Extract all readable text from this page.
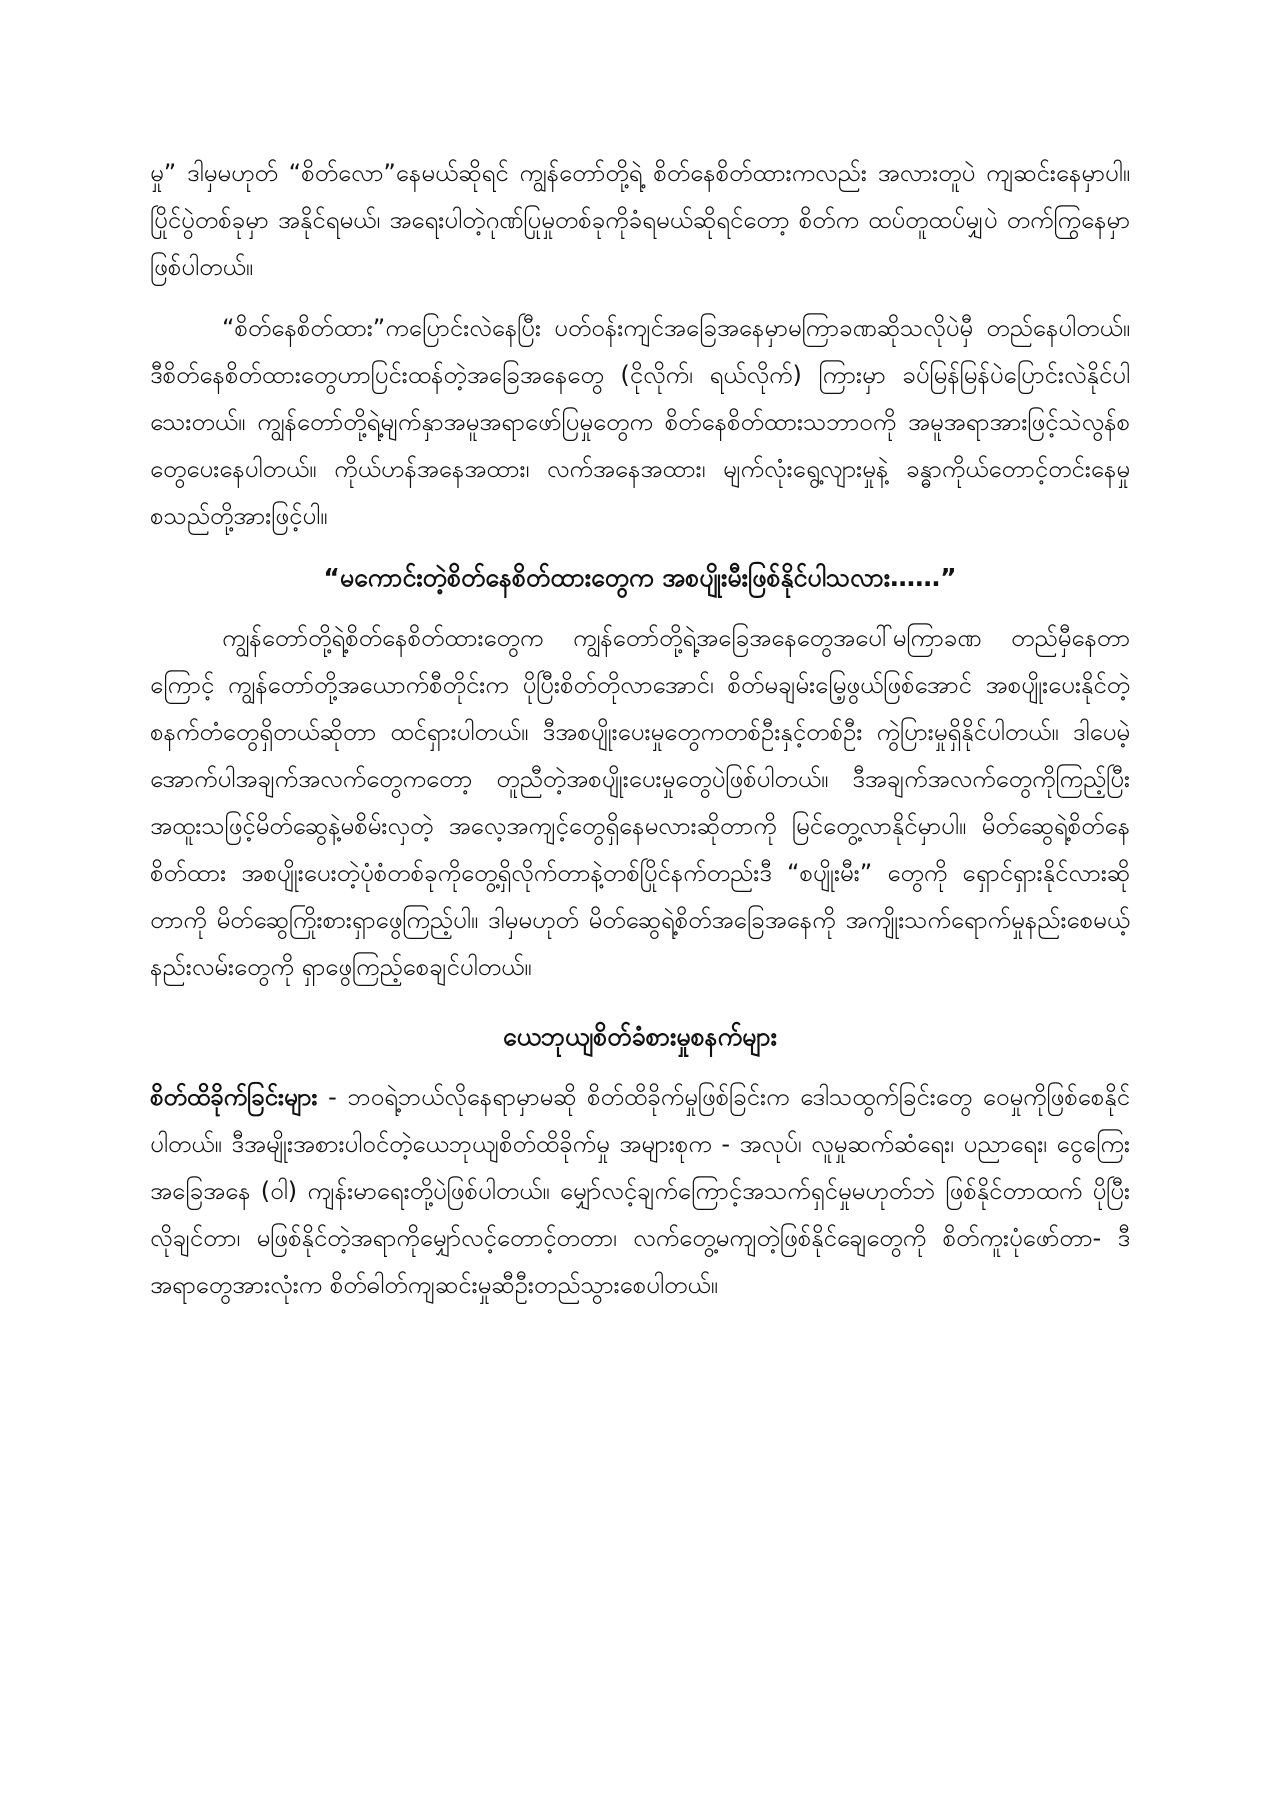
မှု” ဒါမှမဟုတ် “စိတ်လော”နေမယ်ဆိုရင် ကျွန်တော်တို့ရဲ့ စိတ်နေစိတ်ထားကလည်း အလားတူပဲ ကျဆင်းနေမှာပါ။ ပြိုင်ပွဲတစ်ခုမှာ အနိုင်ရမယ်၊ အရေးပါတဲ့ဂုဏ်ပြုမှုတစ်ခုကိုခံရမယ်ဆိုရင်တော့ စိတ်က ထပ်တူထပ်မျှပဲ တက်ကြွနေမှာဖြစ်ပါတယ်။

“စိတ်နေစိတ်ထား”ကပြောင်းလဲနေပြီး ပတ်ဝန်းကျင်အခြေအနေမှာမကြာခဏဆိုသလိုပဲမှီ တည်နေပါတယ်။ ဒီစိတ်နေစိတ်ထားတွေဟာပြင်းထန်တဲ့အခြေအနေတွေ (ငိုလိုက်၊ ရယ်လိုက်) ကြားမှာ ခပ်မြန်မြန်ပဲပြောင်းလဲနိုင်ပါသေးတယ်။ ကျွန်တော်တို့ရဲ့မျက်နှာအမူအရာဖော်ပြမှုတွေက စိတ်နေစိတ်ထားသဘာဝကို အမူအရာအားဖြင့်သဲလွန်စတွေပေးနေပါတယ်။ ကိုယ်ဟန်အနေအထား၊ လက်အနေအထား၊ မျက်လုံးရွေ့လျားမှုနဲ့ ခန္ဓာကိုယ်တောင့်တင်းနေမှု စသည်တို့အားဖြင့်ပါ။

“မကောင်းတဲ့စိတ်နေစိတ်ထားတွေက အစပျိုးမီးဖြစ်နိုင်ပါသလား……”

ကျွန်တော်တို့ရဲ့စိတ်နေစိတ်ထားတွေက ကျွန်တော်တို့ရဲ့အခြေအနေတွေအပေါ်မကြာခဏ တည်မှီနေတာကြောင့် ကျွန်တော်တို့အယောက်စီတိုင်းက ပိုပြီးစိတ်တိုလာအောင်၊ စိတ်မချမ်းမြေ့ဖွယ်ဖြစ်အောင် အစပျိုးပေးနိုင်တဲ့စနက်တံတွေရှိတယ်ဆိုတာ ထင်ရှားပါတယ်။ ဒီအစပျိုးပေးမှုတွေကတစ်ဦးနှင့်တစ်ဦး ကွဲပြားမှုရှိနိုင်ပါတယ်။ ဒါပေမဲ့အောက်ပါအချက်အလက်တွေကတော့ တူညီတဲ့အစပျိုးပေးမှုတွေပဲဖြစ်ပါတယ်။ ဒီအချက်အလက်တွေကိုကြည့်ပြီး အထူးသဖြင့်မိတ်ဆွေနဲ့မစိမ်းလှတဲ့ အလေ့အကျင့်တွေရှိနေမလားဆိုတာကို မြင်တွေ့လာနိုင်မှာပါ။ မိတ်ဆွေရဲ့စိတ်နေစိတ်ထား အစပျိုးပေးတဲ့ပုံစံတစ်ခုကိုတွေ့ရှိလိုက်တာနဲ့တစ်ပြိုင်နက်တည်းဒီ “စပျိုးမီး” တွေကို ရှောင်ရှားနိုင်လားဆိုတာကို မိတ်ဆွေကြိုးစားရှာဖွေကြည့်ပါ။ ဒါမှမဟုတ် မိတ်ဆွေရဲ့စိတ်အခြေအနေကို အကျိုးသက်ရောက်မှုနည်းစေမယ့်နည်းလမ်းတွေကို ရှာဖွေကြည့်စေချင်ပါတယ်။

ယေဘုယျစိတ်ခံစားမှုစနက်များ

စိတ်ထိခိုက်ခြင်းများ - ဘဝရဲ့ဘယ်လိုနေရာမှာမဆို စိတ်ထိခိုက်မှုဖြစ်ခြင်းက ဒေါသထွက်ခြင်းတွေ ဝေမှုကိုဖြစ်စေနိုင်ပါတယ်။ ဒီအမျိုးအစားပါဝင်တဲ့ယေဘုယျစိတ်ထိခိုက်မှု အများစုက - အလုပ်၊ လူမှုဆက်ဆံရေး၊ ပညာရေး၊ ငွေကြေးအခြေအနေ (ဝါ) ကျန်းမာရေးတို့ပဲဖြစ်ပါတယ်။ မျှော်လင့်ချက်ကြောင့်အသက်ရှင်မှုမဟုတ်ဘဲ ဖြစ်နိုင်တာထက် ပိုပြီးလိုချင်တာ၊ မဖြစ်နိုင်တဲ့အရာကိုမျှော်လင့်တောင့်တတာ၊ လက်တွေ့မကျတဲ့ဖြစ်နိုင်ချေတွေကို စိတ်ကူးပုံဖော်တာ- ဒီအရာတွေအားလုံးက စိတ်ဓါတ်ကျဆင်းမှုဆီဦးတည်သွားစေပါတယ်။
